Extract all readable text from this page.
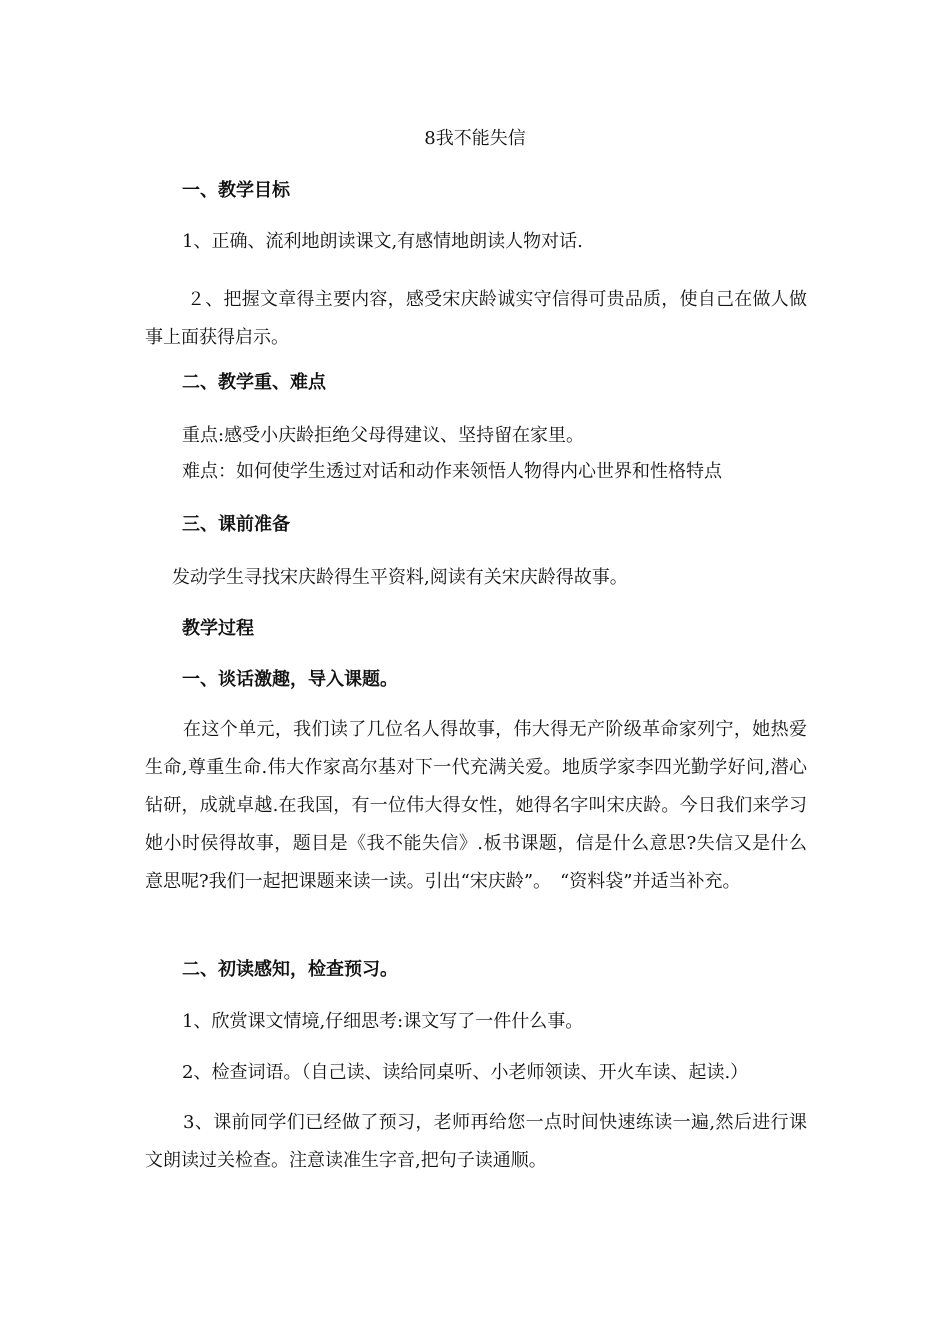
8我不能失信
一、教学目标
1、正确、流利地朗读课文,有感情地朗读人物对话.
２、把握文章得主要内容，感受宋庆龄诚实守信得可贵品质，使自己在做人做事上面获得启示。
二、教学重、难点
重点:感受小庆龄拒绝父母得建议、坚持留在家里。
难点：如何使学生透过对话和动作来领悟人物得内心世界和性格特点
三、课前准备
发动学生寻找宋庆龄得生平资料,阅读有关宋庆龄得故事。
教学过程
一、谈话激趣，导入课题。
在这个单元，我们读了几位名人得故事，伟大得无产阶级革命家列宁，她热爱生命,尊重生命.伟大作家高尔基对下一代充满关爱。地质学家李四光勤学好问,潜心钻研，成就卓越.在我国，有一位伟大得女性，她得名字叫宋庆龄。今日我们来学习她小时侯得故事，题目是《我不能失信》.板书课题，信是什么意思?失信又是什么意思呢?我们一起把课题来读一读。引出“宋庆龄”。　“资料袋”并适当补充。
二、初读感知，检查预习。
1、欣赏课文情境,仔细思考:课文写了一件什么事。
2、检查词语。（自己读、读给同桌听、小老师领读、开火车读、起读.）
3、课前同学们已经做了预习，老师再给您一点时间快速练读一遍,然后进行课文朗读过关检查。注意读准生字音,把句子读通顺。
